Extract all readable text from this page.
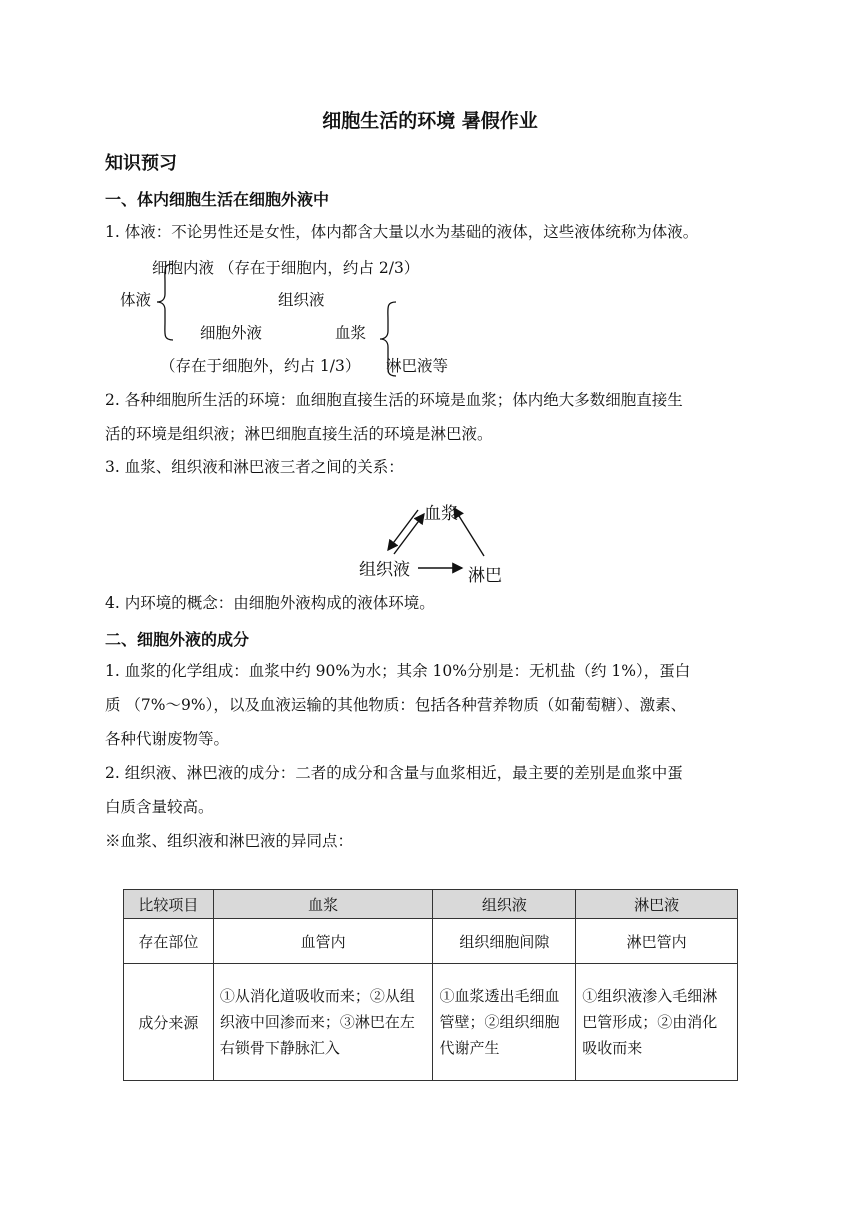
细胞生活的环境 暑假作业
知识预习
一、体内细胞生活在细胞外液中
1. 体液：不论男性还是女性，体内都含大量以水为基础的液体，这些液体统称为体液。
细胞内液 （存在于细胞内，约占 2/3）
体液	组织液
细胞外液	血浆
（存在于细胞外，约占 1/3） 淋巴液等
2. 各种细胞所生活的环境：血细胞直接生活的环境是血浆；体内绝大多数细胞直接生
活的环境是组织液；淋巴细胞直接生活的环境是淋巴液。
3. 血浆、组织液和淋巴液三者之间的关系：
血浆
组织液	淋巴
4. 内环境的概念：由细胞外液构成的液体环境。
二、细胞外液的成分
1. 血浆的化学组成：血浆中约 90%为水；其余 10%分别是：无机盐（约 1%），蛋白
质 （7%～9%），以及血液运输的其他物质：包括各种营养物质（如葡萄糖）、激素、
各种代谢废物等。
2. 组织液、淋巴液的成分：二者的成分和含量与血浆相近，最主要的差别是血浆中蛋
白质含量较高。
※血浆、组织液和淋巴液的异同点：
比较项目	血浆	组织液	淋巴液
存在部位	血管内	组织细胞间隙	淋巴管内
成分来源	①从消化道吸收而来；②从组织液中回渗而来；③淋巴在左右锁骨下静脉汇入	①血浆透出毛细血管壁；②组织细胞代谢产生	①组织液渗入毛细淋巴管形成；②由消化吸收而来
